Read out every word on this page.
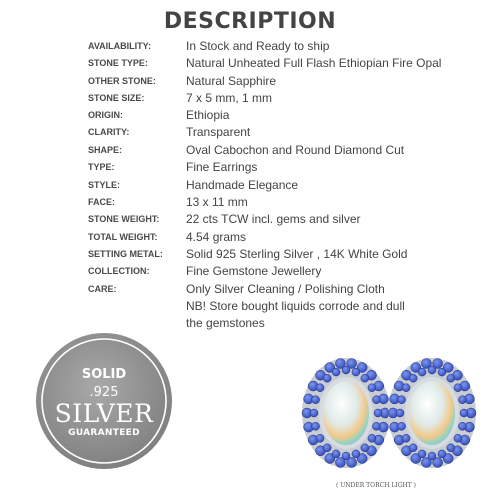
DESCRIPTION
AVAILABILITY:	In Stock and Ready to ship
STONE TYPE:	Natural Unheated Full Flash Ethiopian Fire Opal
OTHER STONE:	Natural Sapphire
STONE SIZE:	7 x 5 mm, 1 mm
ORIGIN:	Ethiopia
CLARITY:	Transparent
SHAPE:	Oval Cabochon and Round Diamond Cut
TYPE:	Fine Earrings
STYLE:	Handmade Elegance
FACE:	13 x 11 mm
STONE WEIGHT: 22 cts TCW incl. gems and silver
TOTAL WEIGHT: 4.54 grams
SETTING METAL: Solid 925 Sterling Silver , 14K White Gold
COLLECTION:	Fine Gemstone Jewellery
CARE:	Only Silver Cleaning / Polishing Cloth
NB! Store bought liquids corrode and dull
the gemstones
SOLID
.925
SILVER
GUARANTEED
( UNDER TORCH LIGHT )
